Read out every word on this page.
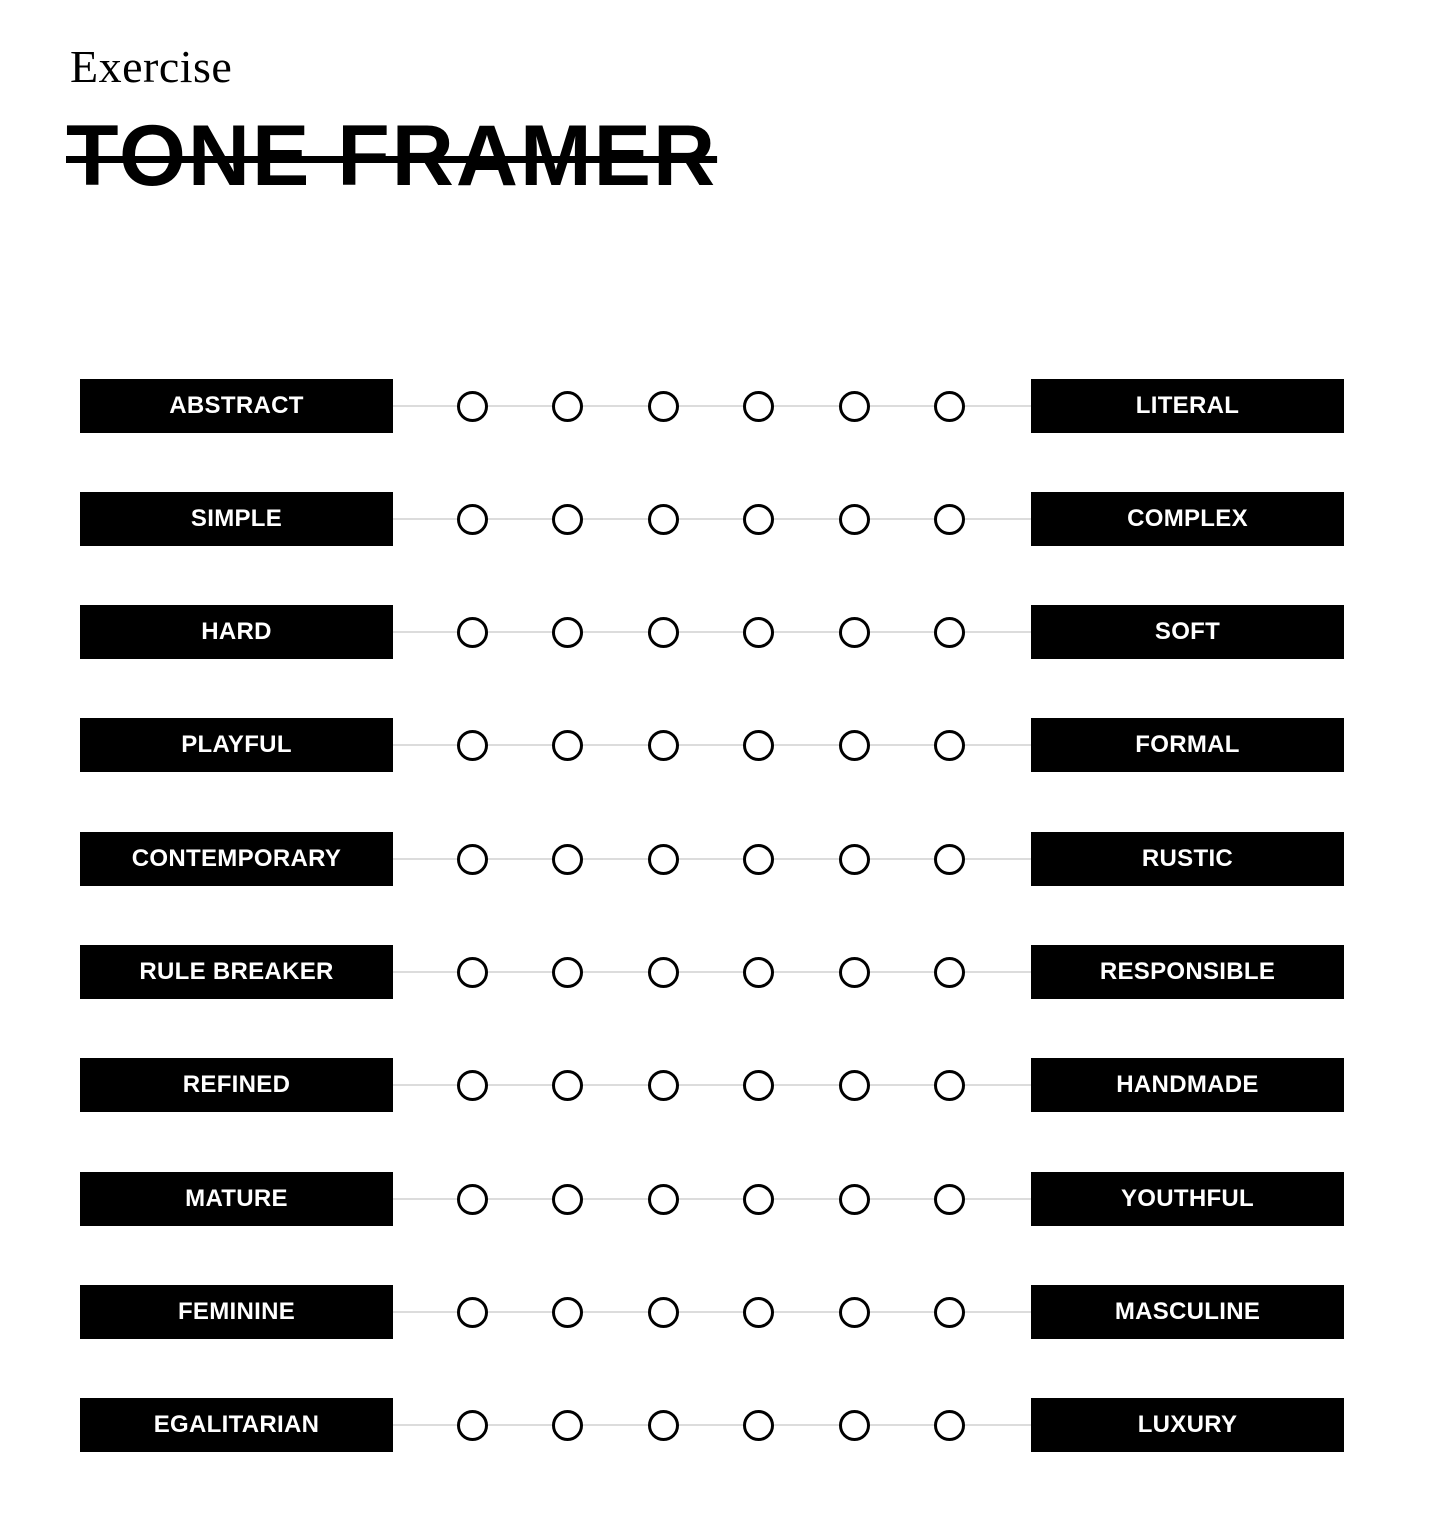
Exercise
TONE FRAMER
ABSTRACT	LITERAL
SIMPLE	COMPLEX
HARD	SOFT
PLAYFUL	FORMAL
CONTEMPORARY	RUSTIC
RULE BREAKER	RESPONSIBLE
REFINED	HANDMADE
MATURE	YOUTHFUL
FEMININE	MASCULINE
EGALITARIAN	LUXURY
